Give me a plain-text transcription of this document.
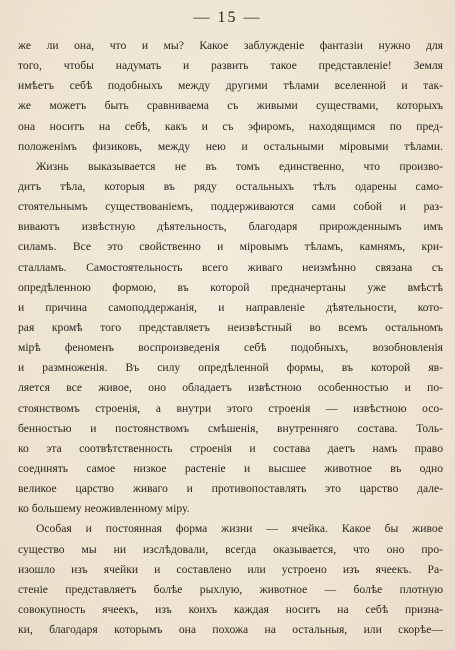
— 15 —
же ли она, что и мы? Какое заблужденіе фантазіи нужно для
того, чтобы надумать и развить такое представленіе! Земля
имѣетъ себѣ подобныхъ между другими тѣлами вселенной и так-
же можетъ быть сравниваема съ живыми существами, которыхъ
она носитъ на себѣ, какъ и съ эфиромъ, находящимся по пред-
положенімъ физиковъ, между нею и остальными міровыми тѣлами.
Жизнь выказывается не въ томъ единственно, что произво-
дитъ тѣла, которыя въ ряду остальныхъ тѣлъ одарены само-
стоятельнымъ существованіемъ, поддерживаются сами собой и раз-
виваютъ извѣстную дѣятельность, благодаря прирожденнымъ имъ
силамъ. Все это свойственно и міровымъ тѣламъ, камнямъ, кри-
сталламъ. Самостоятельность всего живаго неизмѣнно связана съ
опредѣленною формою, въ которой предначертаны уже вмѣстѣ
и причина самоподдержанія, и направленіе дѣятельности, кото-
рая кромѣ того представляетъ неизвѣстный во всемъ остальномъ
мірѣ феноменъ воспроизведенія себѣ подобныхъ, возобновленія
и размноженія. Въ силу опредѣленной формы, въ которой яв-
ляется все живое, оно обладаетъ извѣстною особенностью и по-
стоянствомъ строенія, а внутри этого строенія — извѣстною осо-
бенностью и постоянствомъ смѣшенія, внутренняго состава. Толь-
ко эта соотвѣтственность строенія и состава даетъ намъ право
соединять самое низкое растеніе и высшее животное въ одно
великое царство живаго и противопоставлять это царство дале-
ко большему неоживленному міру.
Особая и постоянная форма жизни — ячейка. Какое бы живое
существо мы ни изслѣдовали, всегда оказывается, что оно про-
изошло изъ ячейки и составлено или устроено изъ ячеекъ. Ра-
стеніе представляетъ болѣе рыхлую, животное — болѣе плотную
совокупность ячеекъ, изъ коихъ каждая носитъ на себѣ призна-
ки, благодаря которымъ она похожа на остальныя, или скорѣе—
